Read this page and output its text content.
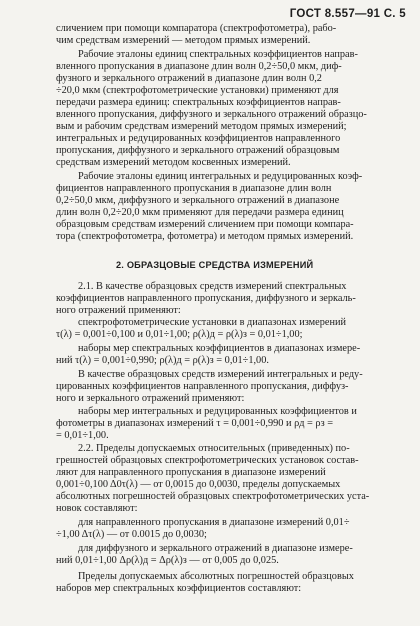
ГОСТ 8.557—91 С. 5
сличением при помощи компаратора (спектрофотометра), рабо-
чим средствам измерений — методом прямых измерений.
Рабочие эталоны единиц спектральных коэффициентов направ-
вленного пропускания в диапазоне длин волн 0,2÷50,0 мкм, диф-
фузного и зеркального отражений в диапазоне длин волн 0,2
÷20,0 мкм (спектрофотометрические установки) применяют для
передачи размера единиц: спектральных коэффициентов направ-
вленного пропускания, диффузного и зеркального отражений образцо-
вым и рабочим средствам измерений методом прямых измерений;
интегральных и редуцированных коэффициентов направленного
пропускания, диффузного и зеркального отражений образцовым
средствам измерений методом косвенных измерений.
Рабочие эталоны единиц интегральных и редуцированных коэф-
фициентов направленного пропускания в диапазоне длин волн
0,2÷50,0 мкм, диффузного и зеркального отражений в диапазоне
длин волн 0,2÷20,0 мкм применяют для передачи размера единиц
образцовым средствам измерений сличением при помощи компара-
тора (спектрофотометра, фотометра) и методом прямых измерений.
2. ОБРАЗЦОВЫЕ СРЕДСТВА ИЗМЕРЕНИЙ
2.1. В качестве образцовых средств измерений спектральных
коэффициентов направленного пропускания, диффузного и зеркаль-
ного отражений применяют:
спектрофотометрические установки в диапазонах измерений
τ(λ) = 0,001÷0,100 и 0,01÷1,00; ρ(λ)д = ρ(λ)з = 0,01÷1,00;
наборы мер спектральных коэффициентов в диапазонах измере-
ний τ(λ) = 0,001÷0,990; ρ(λ)д = ρ(λ)з = 0,01÷1,00.
В качестве образцовых средств измерений интегральных и реду-
цированных коэффициентов направленного пропускания, диффуз-
ного и зеркального отражений применяют:
наборы мер интегральных и редуцированных коэффициентов и
фотометры в диапазонах измерений τ = 0,001÷0,990 и ρд = ρз =
= 0,01÷1,00.
2.2. Пределы допускаемых относительных (приведенных) по-
грешностей образцовых спектрофотометрических установок состав-
ляют для направленного пропускания в диапазоне измерений
0,001÷0,100 Δ0τ(λ) — от 0,0015 до 0,0030, пределы допускаемых
абсолютных погрешностей образцовых спектрофотометрических уста-
новок составляют:
для направленного пропускания в диапазоне измерений 0,01÷
÷1,00 Δτ(λ) — от 0.0015 до 0,0030;
для диффузного и зеркального отражений в диапазоне измере-
ний 0,01÷1,00 Δρ(λ)д = Δρ(λ)з — от 0,005 до 0,025.
Пределы допускаемых абсолютных погрешностей образцовых
наборов мер спектральных коэффициентов составляют:
